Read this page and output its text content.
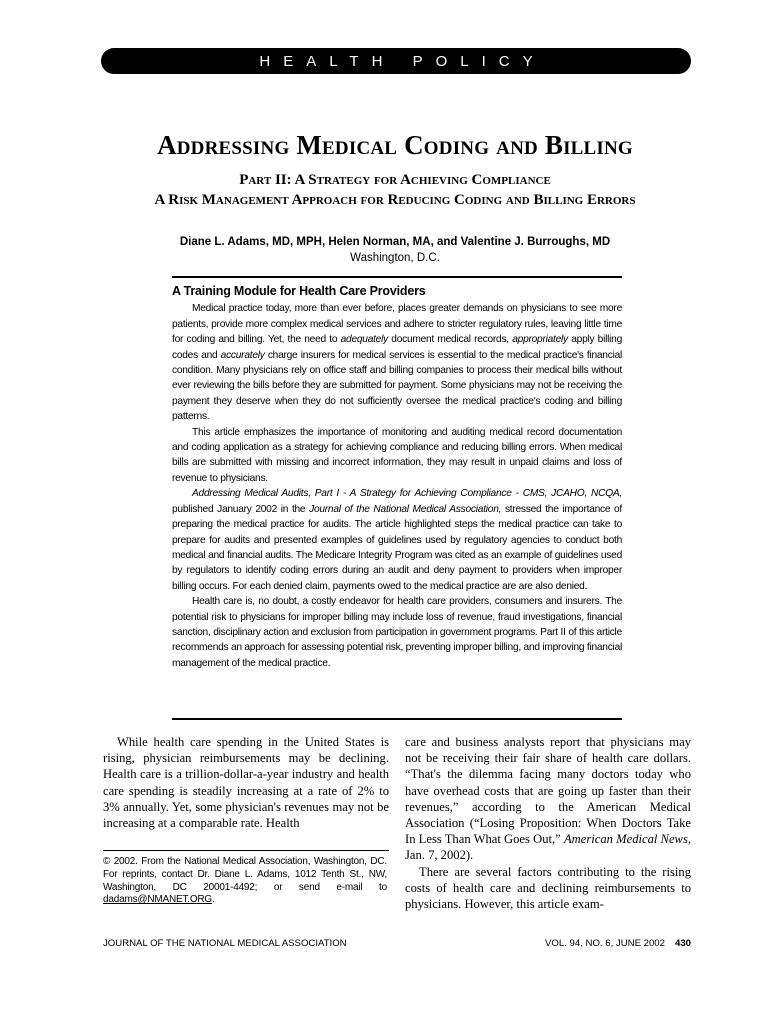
HEALTH POLICY
Addressing Medical Coding and Billing
Part II: A Strategy for Achieving Compliance
A Risk Management Approach for Reducing Coding and Billing Errors
Diane L. Adams, MD, MPH, Helen Norman, MA, and Valentine J. Burroughs, MD
Washington, D.C.
A Training Module for Health Care Providers

Medical practice today, more than ever before, places greater demands on physicians to see more patients, provide more complex medical services and adhere to stricter regulatory rules, leaving little time for coding and billing. Yet, the need to adequately document medical records, appropriately apply billing codes and accurately charge insurers for medical services is essential to the medical practice's financial condition. Many physicians rely on office staff and billing companies to process their medical bills without ever reviewing the bills before they are submitted for payment. Some physicians may not be receiving the payment they deserve when they do not sufficiently oversee the medical practice's coding and billing patterns.

This article emphasizes the importance of monitoring and auditing medical record documentation and coding application as a strategy for achieving compliance and reducing billing errors. When medical bills are submitted with missing and incorrect information, they may result in unpaid claims and loss of revenue to physicians.

Addressing Medical Audits, Part I - A Strategy for Achieving Compliance - CMS, JCAHO, NCQA, published January 2002 in the Journal of the National Medical Association, stressed the importance of preparing the medical practice for audits. The article highlighted steps the medical practice can take to prepare for audits and presented examples of guidelines used by regulatory agencies to conduct both medical and financial audits. The Medicare Integrity Program was cited as an example of guidelines used by regulators to identify coding errors during an audit and deny payment to providers when improper billing occurs. For each denied claim, payments owed to the medical practice are are also denied.

Health care is, no doubt, a costly endeavor for health care providers, consumers and insurers. The potential risk to physicians for improper billing may include loss of revenue, fraud investigations, financial sanction, disciplinary action and exclusion from participation in government programs. Part II of this article recommends an approach for assessing potential risk, preventing improper billing, and improving financial management of the medical practice.

While health care spending in the United States is rising, physician reimbursements may be declining. Health care is a trillion-dollar-a-year industry and health care spending is steadily increasing at a rate of 2% to 3% annually. Yet, some physician's revenues may not be increasing at a comparable rate. Health

care and business analysts report that physicians may not be receiving their fair share of health care dollars. “That's the dilemma facing many doctors today who have overhead costs that are going up faster than their revenues,” according to the American Medical Association (“Losing Proposition: When Doctors Take In Less Than What Goes Out,” American Medical News, Jan. 7, 2002).

There are several factors contributing to the rising costs of health care and declining reimbursements to physicians. However, this article exam-

© 2002. From the National Medical Association, Washington, DC. For reprints, contact Dr. Diane L. Adams, 1012 Tenth St., NW, Washington, DC 20001-4492; or send e-mail to dadams@NMANET.ORG.
JOURNAL OF THE NATIONAL MEDICAL ASSOCIATION	VOL. 94, NO. 6, JUNE 2002 430
